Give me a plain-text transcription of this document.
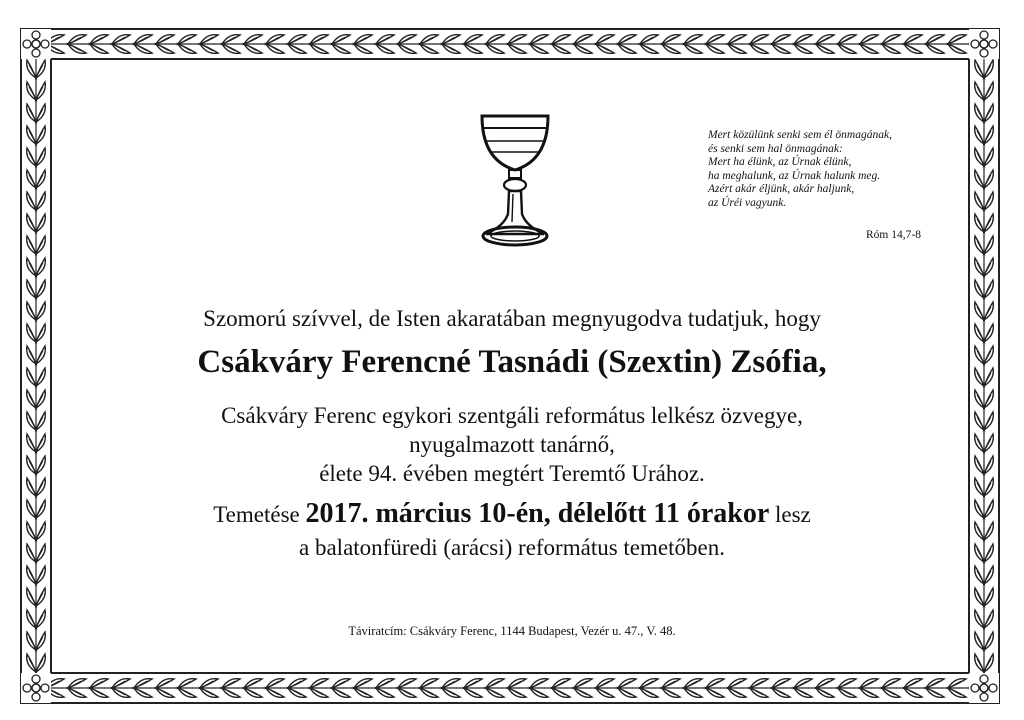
Mert közülünk senki sem él önmagának,
és senki sem hal önmagának:
Mert ha élünk, az Úrnak élünk,
ha meghalunk, az Úrnak halunk meg.
Azért akár éljünk, akár haljunk,
az Úréi vagyunk.
Róm 14,7-8
Szomorú szívvel, de Isten akaratában megnyugodva tudatjuk, hogy
Csákváry Ferencné Tasnádi (Szextin) Zsófia,
Csákváry Ferenc egykori szentgáli református lelkész özvegye,
nyugalmazott tanárnő,
élete 94. évében megtért Teremtő Urához.
Temetése 2017. március 10-én, délelőtt 11 órakor lesz
a balatonfüredi (arácsi) református temetőben.
Táviratcím: Csákváry Ferenc, 1144 Budapest, Vezér u. 47., V. 48.
